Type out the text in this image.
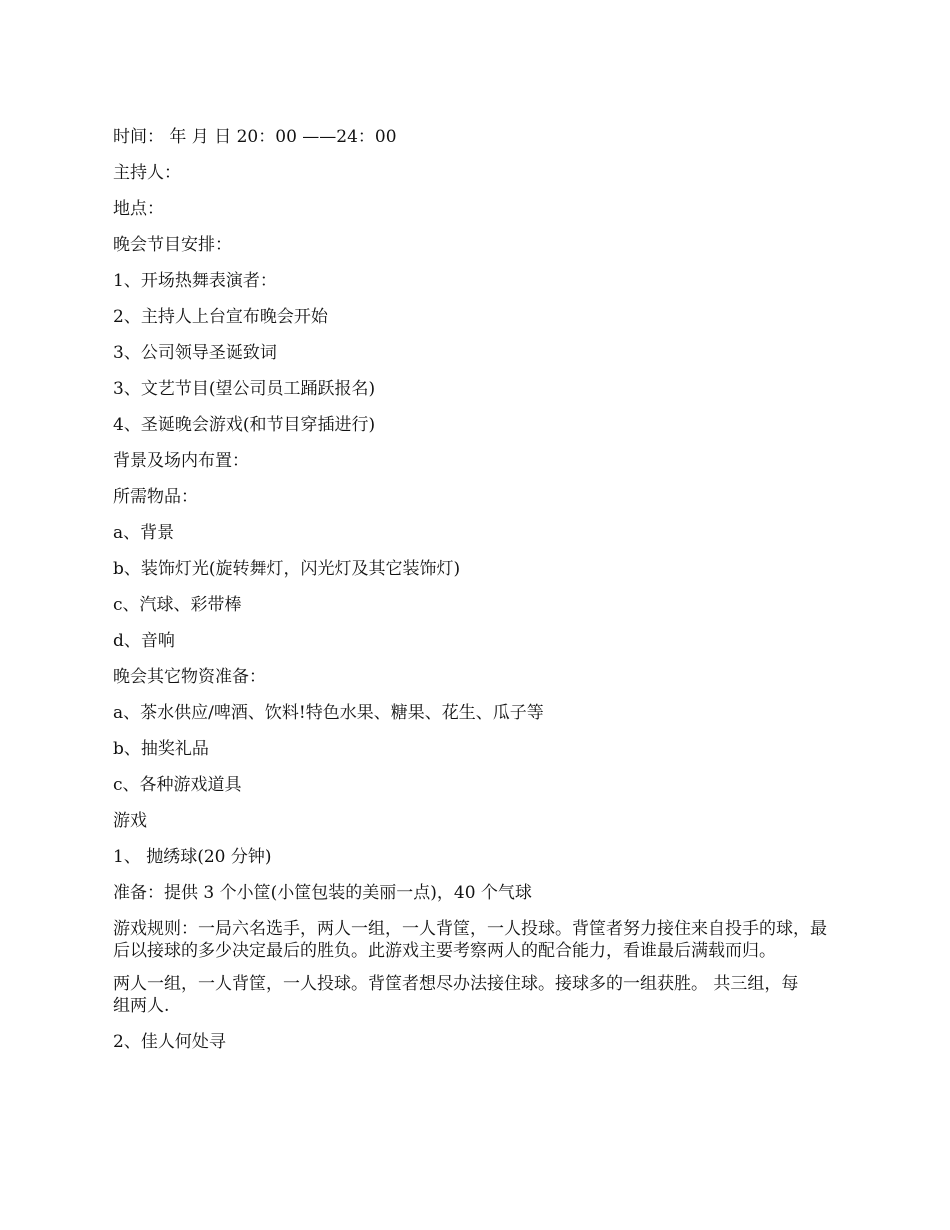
时间： 年 月 日 20：00 ——24：00
主持人：
地点：
晚会节目安排：
1、开场热舞表演者：
2、主持人上台宣布晚会开始
3、公司领导圣诞致词
3、文艺节目(望公司员工踊跃报名)
4、圣诞晚会游戏(和节目穿插进行)
背景及场内布置：
所需物品：
a、背景
b、装饰灯光(旋转舞灯，闪光灯及其它装饰灯)
c、汽球、彩带棒
d、音响
晚会其它物资准备：
a、茶水供应/啤酒、饮料!特色水果、糖果、花生、瓜子等
b、抽奖礼品
c、各种游戏道具
游戏
1、 抛绣球(20 分钟)
准备：提供 3 个小筐(小筐包装的美丽一点)，40 个气球
游戏规则：一局六名选手，两人一组，一人背筐，一人投球。背筐者努力接住来自投手的球，最后以接球的多少决定最后的胜负。此游戏主要考察两人的配合能力，看谁最后满载而归。
两人一组，一人背筐，一人投球。背筐者想尽办法接住球。接球多的一组获胜。 共三组，每组两人.
2、佳人何处寻
